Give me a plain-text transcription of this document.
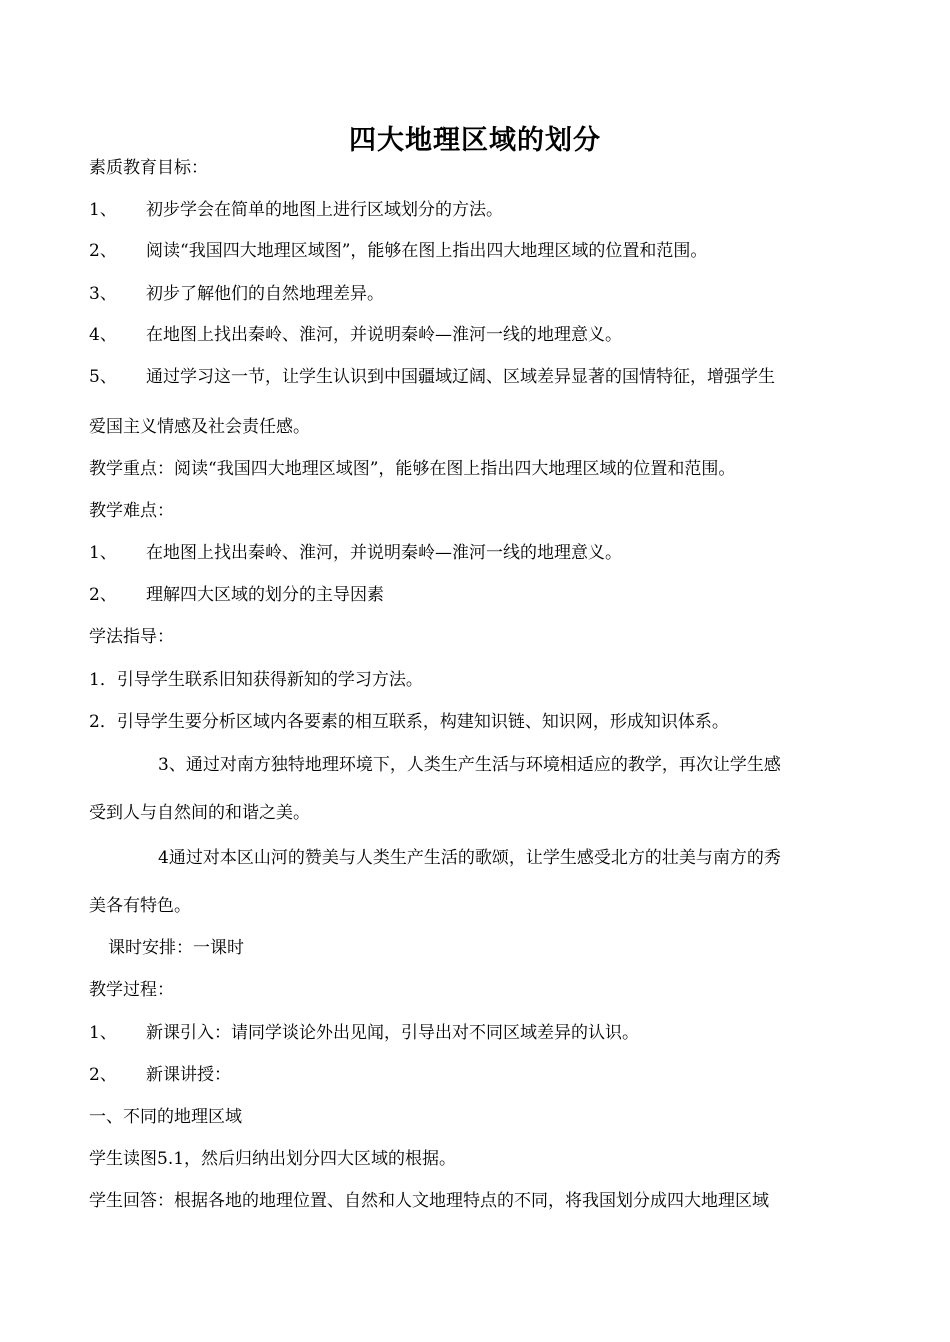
四大地理区域的划分
素质教育目标：
1、 初步学会在简单的地图上进行区域划分的方法。
2、 阅读“我国四大地理区域图”，能够在图上指出四大地理区域的位置和范围。
3、 初步了解他们的自然地理差异。
4、 在地图上找出秦岭、淮河，并说明秦岭—淮河一线的地理意义。
5、 通过学习这一节，让学生认识到中国疆域辽阔、区域差异显著的国情特征，增强学生
爱国主义情感及社会责任感。
教学重点：阅读“我国四大地理区域图”，能够在图上指出四大地理区域的位置和范围。
教学难点：
1、 在地图上找出秦岭、淮河，并说明秦岭—淮河一线的地理意义。
2、 理解四大区域的划分的主导因素
学法指导：
1．引导学生联系旧知获得新知的学习方法。
2．引导学生要分析区域内各要素的相互联系，构建知识链、知识网，形成知识体系。
3、通过对南方独特地理环境下，人类生产生活与环境相适应的教学，再次让学生感
受到人与自然间的和谐之美。
4通过对本区山河的赞美与人类生产生活的歌颂，让学生感受北方的壮美与南方的秀
美各有特色。
课时安排：一课时
教学过程：
1、 新课引入：请同学谈论外出见闻，引导出对不同区域差异的认识。
2、 新课讲授：
一、不同的地理区域
学生读图5.1，然后归纳出划分四大区域的根据。
学生回答：根据各地的地理位置、自然和人文地理特点的不同，将我国划分成四大地理区域
